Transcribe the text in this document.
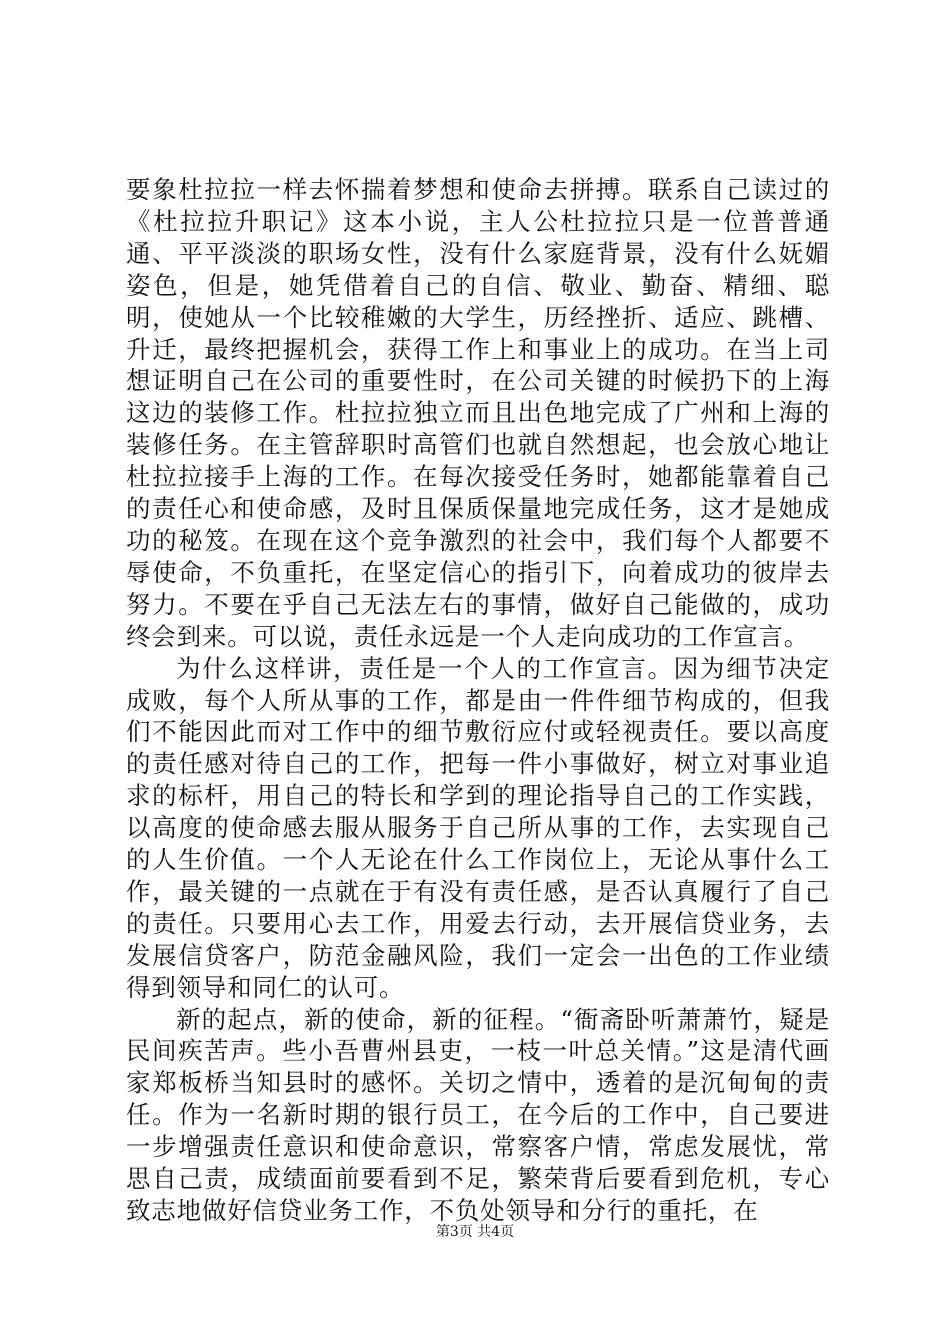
要象杜拉拉一样去怀揣着梦想和使命去拼搏。联系自己读过的《杜拉拉升职记》这本小说，主人公杜拉拉只是一位普普通通、平平淡淡的职场女性，没有什么家庭背景，没有什么妩媚姿色，但是，她凭借着自己的自信、敬业、勤奋、精细、聪明，使她从一个比较稚嫩的大学生，历经挫折、适应、跳槽、升迁，最终把握机会，获得工作上和事业上的成功。在当上司想证明自己在公司的重要性时，在公司关键的时候扔下的上海这边的装修工作。杜拉拉独立而且出色地完成了广州和上海的装修任务。在主管辞职时高管们也就自然想起，也会放心地让杜拉拉接手上海的工作。在每次接受任务时，她都能靠着自己的责任心和使命感，及时且保质保量地完成任务，这才是她成功的秘笈。在现在这个竞争激烈的社会中，我们每个人都要不辱使命，不负重托，在坚定信心的指引下，向着成功的彼岸去努力。不要在乎自己无法左右的事情，做好自己能做的，成功终会到来。可以说，责任永远是一个人走向成功的工作宣言。

为什么这样讲，责任是一个人的工作宣言。因为细节决定成败，每个人所从事的工作，都是由一件件细节构成的，但我们不能因此而对工作中的细节敷衍应付或轻视责任。要以高度的责任感对待自己的工作，把每一件小事做好，树立对事业追求的标杆，用自己的特长和学到的理论指导自己的工作实践，以高度的使命感去服从服务于自己所从事的工作，去实现自己的人生价值。一个人无论在什么工作岗位上，无论从事什么工作，最关键的一点就在于有没有责任感，是否认真履行了自己的责任。只要用心去工作，用爱去行动，去开展信贷业务，去发展信贷客户，防范金融风险，我们一定会一出色的工作业绩得到领导和同仁的认可。

新的起点，新的使命，新的征程。“衙斋卧听萧萧竹，疑是民间疾苦声。些小吾曹州县吏，一枝一叶总关情。”这是清代画家郑板桥当知县时的感怀。关切之情中，透着的是沉甸甸的责任。作为一名新时期的银行员工，在今后的工作中，自己要进一步增强责任意识和使命意识，常察客户情，常虑发展忧，常思自己责，成绩面前要看到不足，繁荣背后要看到危机，专心致志地做好信贷业务工作，不负处领导和分行的重托，在

第3页 共4页
